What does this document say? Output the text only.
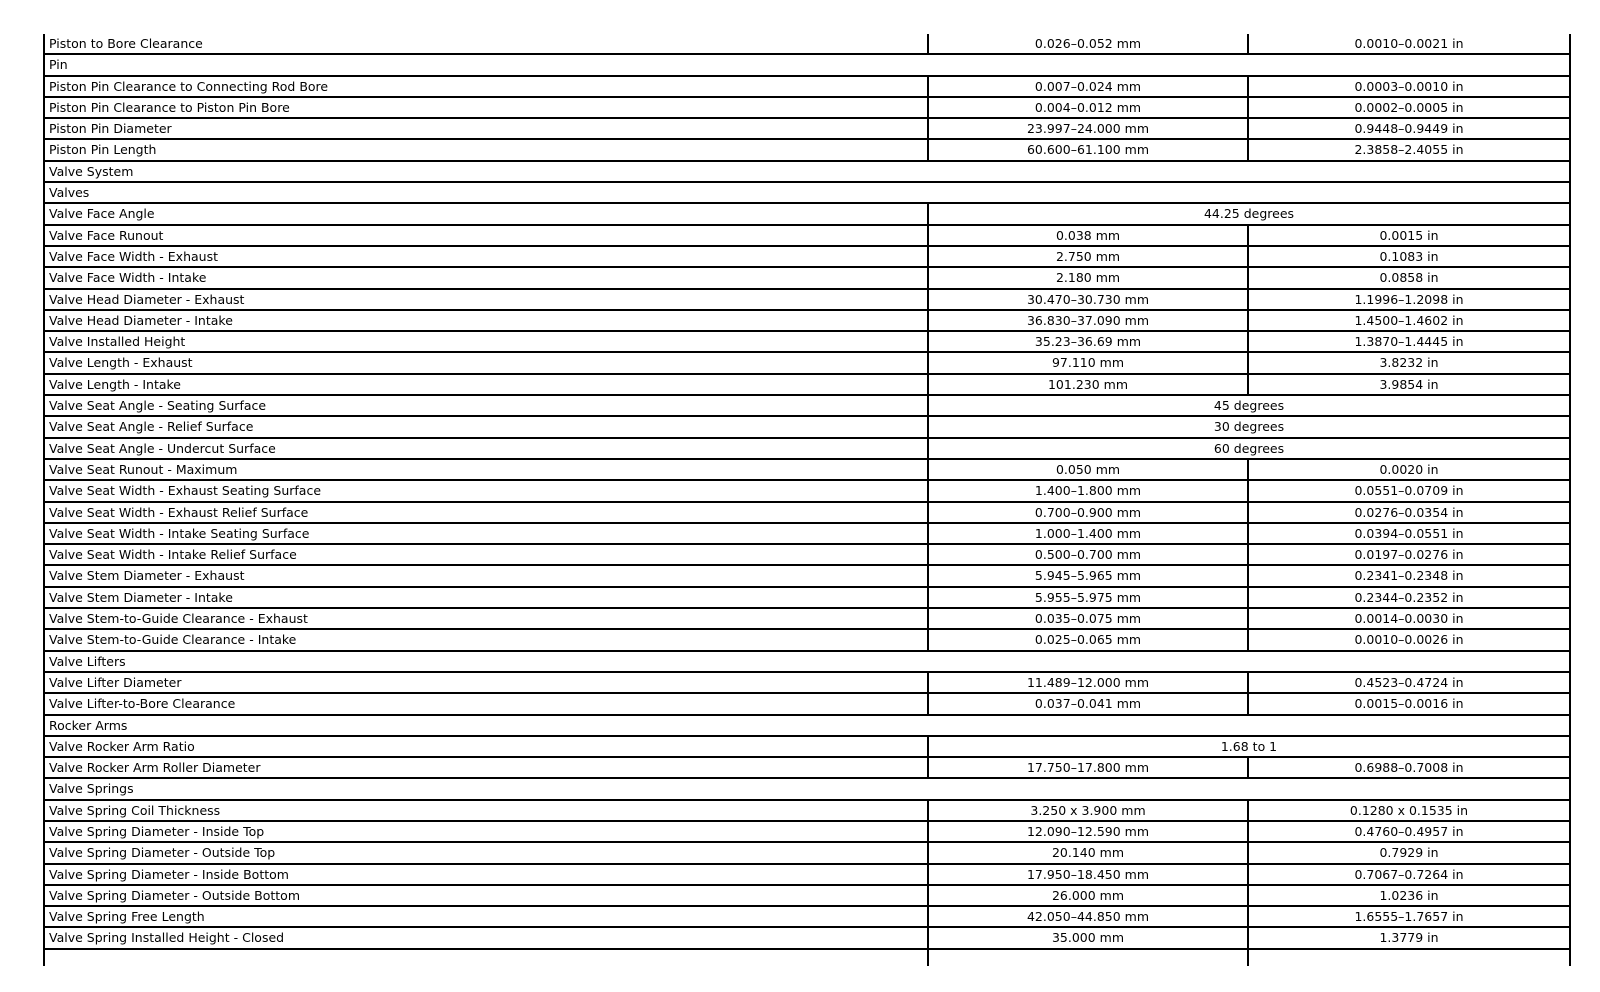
Piston to Bore Clearance	0.026–0.052 mm	0.0010–0.0021 in
Pin		
Piston Pin Clearance to Connecting Rod Bore	0.007–0.024 mm	0.0003–0.0010 in
Piston Pin Clearance to Piston Pin Bore	0.004–0.012 mm	0.0002–0.0005 in
Piston Pin Diameter	23.997–24.000 mm	0.9448–0.9449 in
Piston Pin Length	60.600–61.100 mm	2.3858–2.4055 in
Valve System		
Valves		
Valve Face Angle	44.25 degrees	
Valve Face Runout	0.038 mm	0.0015 in
Valve Face Width - Exhaust	2.750 mm	0.1083 in
Valve Face Width - Intake	2.180 mm	0.0858 in
Valve Head Diameter - Exhaust	30.470–30.730 mm	1.1996–1.2098 in
Valve Head Diameter - Intake	36.830–37.090 mm	1.4500–1.4602 in
Valve Installed Height	35.23–36.69 mm	1.3870–1.4445 in
Valve Length - Exhaust	97.110 mm	3.8232 in
Valve Length - Intake	101.230 mm	3.9854 in
Valve Seat Angle - Seating Surface	45 degrees	
Valve Seat Angle - Relief Surface	30 degrees	
Valve Seat Angle - Undercut Surface	60 degrees	
Valve Seat Runout - Maximum	0.050 mm	0.0020 in
Valve Seat Width - Exhaust Seating Surface	1.400–1.800 mm	0.0551–0.0709 in
Valve Seat Width - Exhaust Relief Surface	0.700–0.900 mm	0.0276–0.0354 in
Valve Seat Width - Intake Seating Surface	1.000–1.400 mm	0.0394–0.0551 in
Valve Seat Width - Intake Relief Surface	0.500–0.700 mm	0.0197–0.0276 in
Valve Stem Diameter - Exhaust	5.945–5.965 mm	0.2341–0.2348 in
Valve Stem Diameter - Intake	5.955–5.975 mm	0.2344–0.2352 in
Valve Stem-to-Guide Clearance - Exhaust	0.035–0.075 mm	0.0014–0.0030 in
Valve Stem-to-Guide Clearance - Intake	0.025–0.065 mm	0.0010–0.0026 in
Valve Lifters		
Valve Lifter Diameter	11.489–12.000 mm	0.4523–0.4724 in
Valve Lifter-to-Bore Clearance	0.037–0.041 mm	0.0015–0.0016 in
Rocker Arms		
Valve Rocker Arm Ratio	1.68 to 1	
Valve Rocker Arm Roller Diameter	17.750–17.800 mm	0.6988–0.7008 in
Valve Springs		
Valve Spring Coil Thickness	3.250 x 3.900 mm	0.1280 x 0.1535 in
Valve Spring Diameter - Inside Top	12.090–12.590 mm	0.4760–0.4957 in
Valve Spring Diameter - Outside Top	20.140 mm	0.7929 in
Valve Spring Diameter - Inside Bottom	17.950–18.450 mm	0.7067–0.7264 in
Valve Spring Diameter - Outside Bottom	26.000 mm	1.0236 in
Valve Spring Free Length	42.050–44.850 mm	1.6555–1.7657 in
Valve Spring Installed Height - Closed	35.000 mm	1.3779 in
